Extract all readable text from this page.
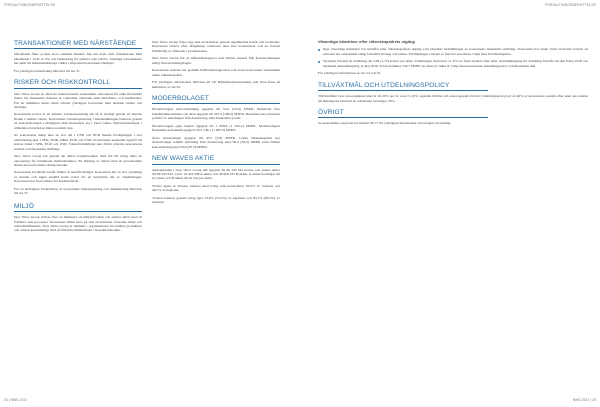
FÖRVALTNINGSBERÄTTELSE	FÖRVALTNINGSBERÄTTELSE
TRANSAKTIONER MED NÄRSTÅENDE

Närstående finns ej med stora enskilda innehav. Det har även varit transaktioner med närstående i form av lån och fakturering för tjänster som utförts. Samtliga transaktioner har skett till marknadsmässiga villkor i linje med koncernens riktlinjer.

För ytterligare beskrivning hänvisas till not 31.

RISKER OCH RISKKONTROLL

New Wave Group är, med sin internationella verksamhet, exponerad för olika finansiella risker. De finansiella riskerna är valutarisk, ränterisk samt likviditets- och kreditrisker. För att minimera dessa risker arbetar ytterligare koncernen med uttalade rutiner och riktlinjer.

Koncernens policy är att hantera valutaexponering där så är möjligt genom att matcha flöden i samma valuta. Koncernens valutaexponering i balansräkningen hanteras genom att koncernbolagen i möjligaste mån finansierar sig i lokal valuta. Nettoinvesteringar i utländska dotterbolag säkras normalt inte.

Av koncernens inköp sker en stor del i USD och EUR medan försäljningen i stor utsträckning sker i SEK, NOK, DKK, EUR och USD. Koncernens kostnader uppstår till största delen i SEK, EUR och USD. Valutaförändringar kan därför påverka koncernens resultat och finansiella ställning.

New Wave Group har genom sin aktiva kapitalstruktur med lån till rörlig ränta en exponering för förändrade marknadsräntor. En höjning av räntan med en procentenhet skulle öka koncernens räntekostnader.

Koncernens kreditrisk består främst av kundfordringar. Koncernen har en stor spridning av kunder och ingen enskild kund svarar för en betydande del av omsättningen. Koncernen har även rutiner för kreditkontroll.

För en utförligare beskrivning av koncernens riskexponering och riskhantering hänvisas till not 37.

MILJÖ

New Wave Group strävar efter att minimera sin miljöpåverkan och arbetar aktivt med att förbättra sina processer. Koncernen ställer krav på sina leverantörer avseende miljö och arbetsförhållanden. New Wave Group är medlem i organisationer för hållbar produktion och arbetar kontinuerligt med att förbättra hållbarheten i leverantörskedjan.

New Wave Group följer upp sina leverantörer genom regelbundna besök och revisioner. Koncernen strävar efter långsiktiga relationer med sina leverantörer och en fortsatt förbättring av villkoren i produktionen.

New Wave Group har en hållbarhetsrapport som lämnas separat från årsredovisningen enligt årsredovisningslagen.

Koncernens styrelse har godkänt hållbarhetsrapporten som avser koncernens verksamhet under räkenskapsåret.

För ytterligare information hänvisas till vår Hållbarhetsredovisning som även finns på hemsidan, se sid 34.

MODERBOLAGET

Moderbolagets nettoomsättning uppgick till 52,0 (50,9) MSEK. Resultatet före bokslutsdispositioner och skatt uppgick till 291,9 (196,2) MSEK. Resultatet har påverkats positivt av utdelningar från dotterbolag samt finansiella poster.

Moderbolagets egna kapital uppgick till 1 668,6 (1 456,2) MSEK. Moderbolagets finansiella nettoskuld uppgick till 2 146,1 (1 987,9) MSEK.

Årets investeringar uppgick till 45,5 (5,9) MSEK. Under räkenskapsåret har moderbolaget erhållit utdelning från dotterbolag med 96,4 (56,2) MSEK samt lämnat koncernbidrag med 30,6 (35,3) MSEK.

NEW WAVES AKTIE

Aktiekapitalet i New Wave Group AB uppgick till 66 343 543 kronor och antalet aktier till 66 343 543, varav 19 434 208 A-aktier och 46 909 335 B-aktier. A-aktier berättigar till tio röster och B-aktier till en röst per aktie.

Största ägare är Torsten Jansson med bolag som kontrollerar 93,2% av rösterna och 46,5% av kapitalet.

Torsten Jansson genom bolag äger 53,6% (53,2%) av kapitalet och 83,7% (83,5%) av rösterna.

Väsentliga händelser efter räkenskapsårets utgång

Inga väsentliga händelser har inträffat efter räkenskapsårets utgång som påverkar bedömningen av koncernens finansiella ställning. Koncernen har under första kvartalet fortsatt att utveckla sin verksamhet enligt fastställd strategi och planer. Försäljningen i början av året har utvecklats i linje med förväntningarna.

Styrelsen föreslår en utdelning om 2,00 (1,75) kronor per aktie. Utdelningen motsvarar ca 37% av årets resultat efter skatt. Avstämningsdag för utdelning föreslås till den 8 maj 2018 och beräknad utbetalningsdag 11 maj 2018. Totalt beräknas 132,7 MSEK att delas ut vilket är i linje med koncernens utdelningspolicy och finansiella mål.

För ytterligare information se not 24 och 25.

TILLVÄXTMÅL OCH UTDELNINGSPOLICY

Tillväxtmålet över en konjunkturcykel är 10-20% per år, varav 5-10% organisk tillväxt och resten genom förvärv. Utdelningspolicyn är att 40% av koncernens resultat efter skatt ska utdelas till aktieägarna förutsatt att soliditeten överstiger 30%.

ÖVRIGT

Se ekonomiska rapporter på sidorna 26-77 för ytterligare information om bolagets utveckling.

24 | NWG 2017	NWG 2017 | 25
